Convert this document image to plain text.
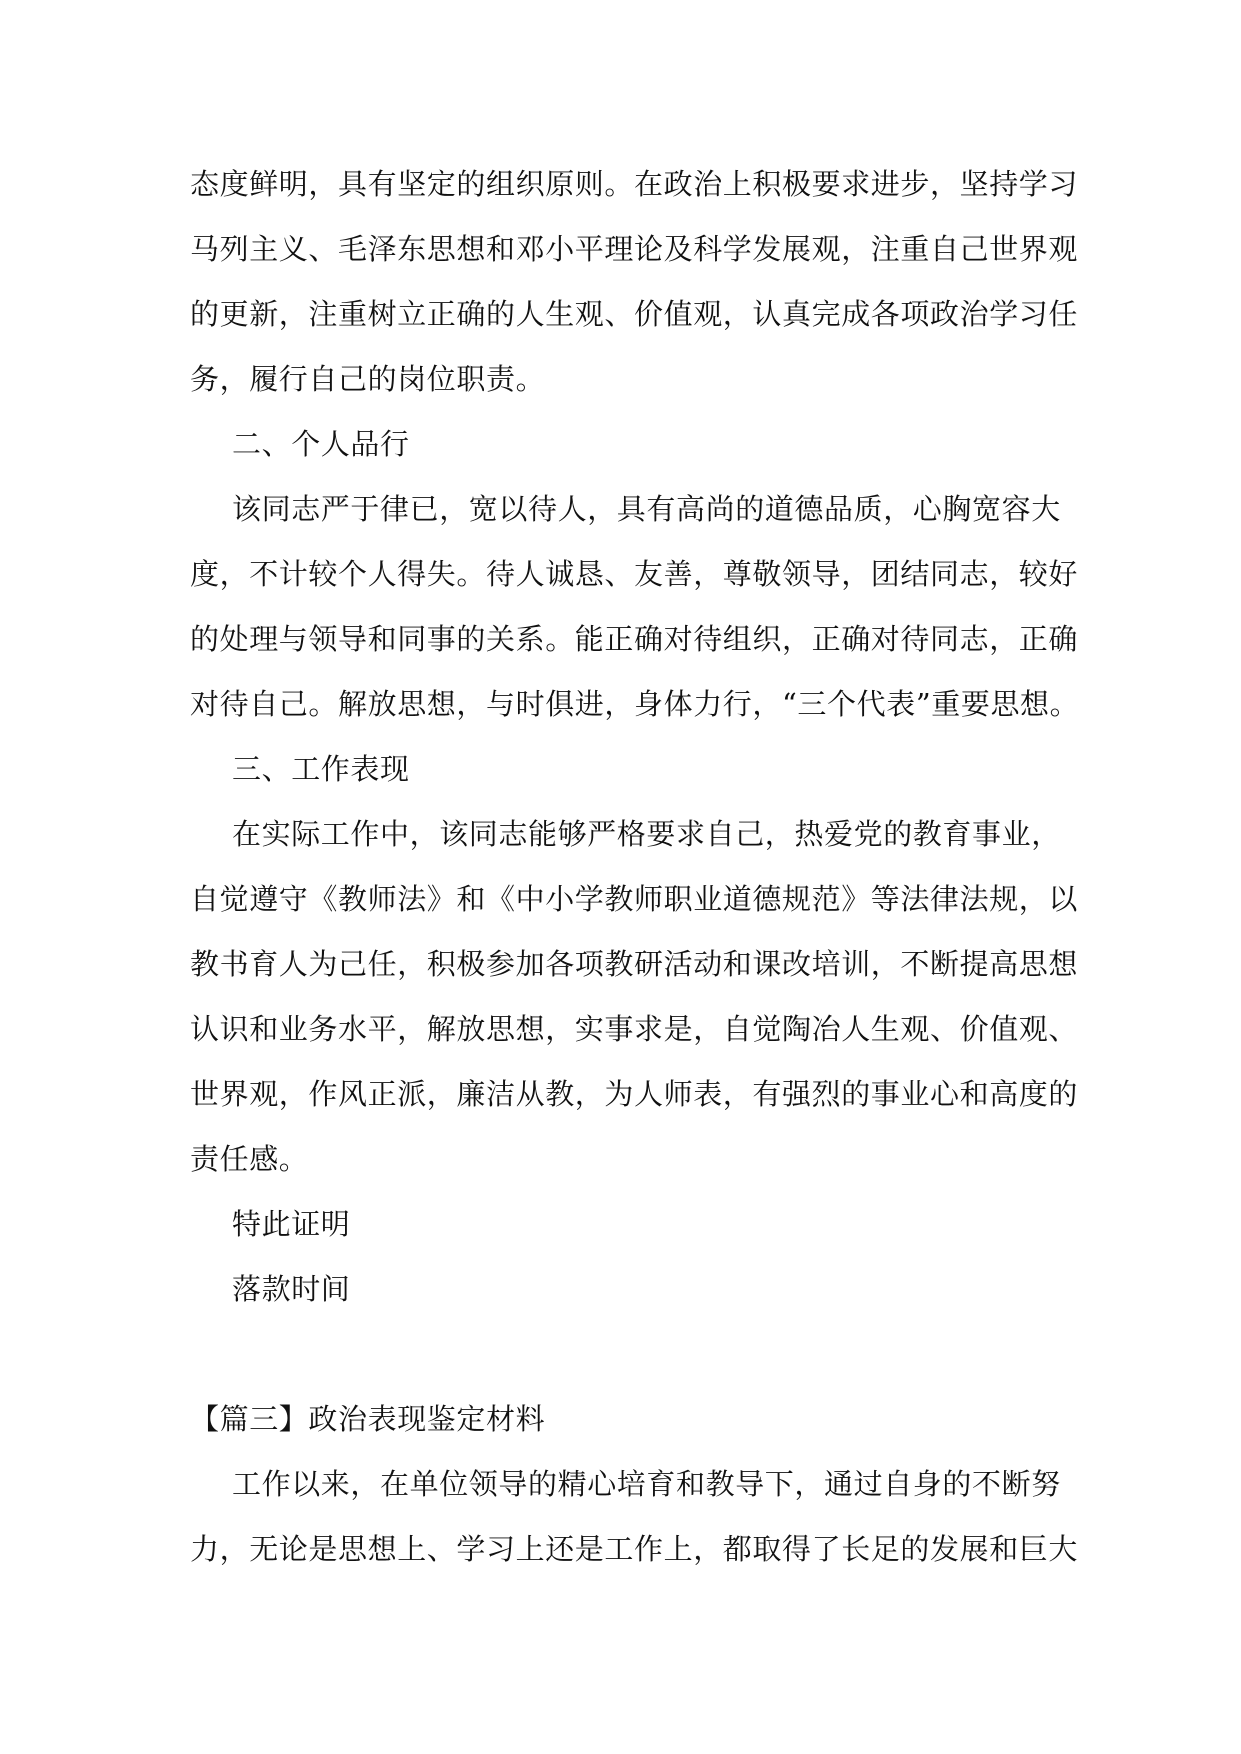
态度鲜明，具有坚定的组织原则。在政治上积极要求进步，坚持学习
马列主义、毛泽东思想和邓小平理论及科学发展观，注重自己世界观
的更新，注重树立正确的人生观、价值观，认真完成各项政治学习任
务，履行自己的岗位职责。
二、个人品行
该同志严于律已，宽以待人，具有高尚的道德品质，心胸宽容大
度，不计较个人得失。待人诚恳、友善，尊敬领导，团结同志，较好
的处理与领导和同事的关系。能正确对待组织，正确对待同志，正确
对待自己。解放思想，与时俱进，身体力行，“三个代表”重要思想。
三、工作表现
在实际工作中，该同志能够严格要求自己，热爱党的教育事业，
自觉遵守《教师法》和《中小学教师职业道德规范》等法律法规，以
教书育人为己任，积极参加各项教研活动和课改培训，不断提高思想
认识和业务水平，解放思想，实事求是，自觉陶冶人生观、价值观、
世界观，作风正派，廉洁从教，为人师表，有强烈的事业心和高度的
责任感。
特此证明
落款时间
【篇三】政治表现鉴定材料
工作以来，在单位领导的精心培育和教导下，通过自身的不断努
力，无论是思想上、学习上还是工作上，都取得了长足的发展和巨大
